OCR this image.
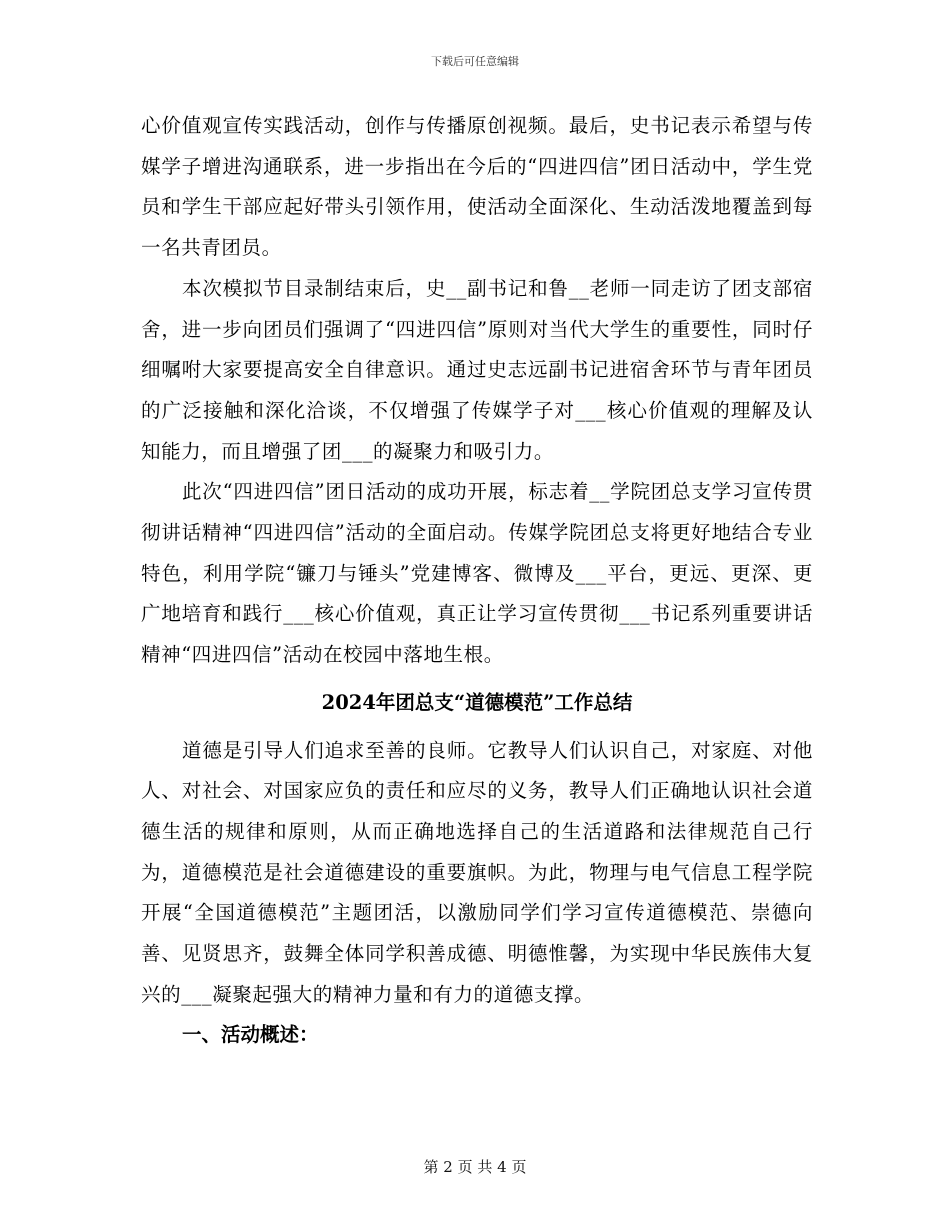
下载后可任意编辑

心价值观宣传实践活动，创作与传播原创视频。最后，史书记表示希望与传媒学子增进沟通联系，进一步指出在今后的“四进四信”团日活动中，学生党员和学生干部应起好带头引领作用，使活动全面深化、生动活泼地覆盖到每一名共青团员。

本次模拟节目录制结束后，史__副书记和鲁__老师一同走访了团支部宿舍，进一步向团员们强调了“四进四信”原则对当代大学生的重要性，同时仔细嘱咐大家要提高安全自律意识。通过史志远副书记进宿舍环节与青年团员的广泛接触和深化洽谈，不仅增强了传媒学子对___核心价值观的理解及认知能力，而且增强了团___的凝聚力和吸引力。

此次“四进四信”团日活动的成功开展，标志着__学院团总支学习宣传贯彻讲话精神“四进四信”活动的全面启动。传媒学院团总支将更好地结合专业特色，利用学院“镰刀与锤头”党建博客、微博及___平台，更远、更深、更广地培育和践行___核心价值观，真正让学习宣传贯彻___书记系列重要讲话精神“四进四信”活动在校园中落地生根。

2024年团总支“道德模范”工作总结

道德是引导人们追求至善的良师。它教导人们认识自己，对家庭、对他人、对社会、对国家应负的责任和应尽的义务，教导人们正确地认识社会道德生活的规律和原则，从而正确地选择自己的生活道路和法律规范自己行为，道德模范是社会道德建设的重要旗帜。为此，物理与电气信息工程学院开展“全国道德模范”主题团活，以激励同学们学习宣传道德模范、崇德向善、见贤思齐，鼓舞全体同学积善成德、明德惟馨，为实现中华民族伟大复兴的___凝聚起强大的精神力量和有力的道德支撑。

一、活动概述：
第 2 页 共 4 页
